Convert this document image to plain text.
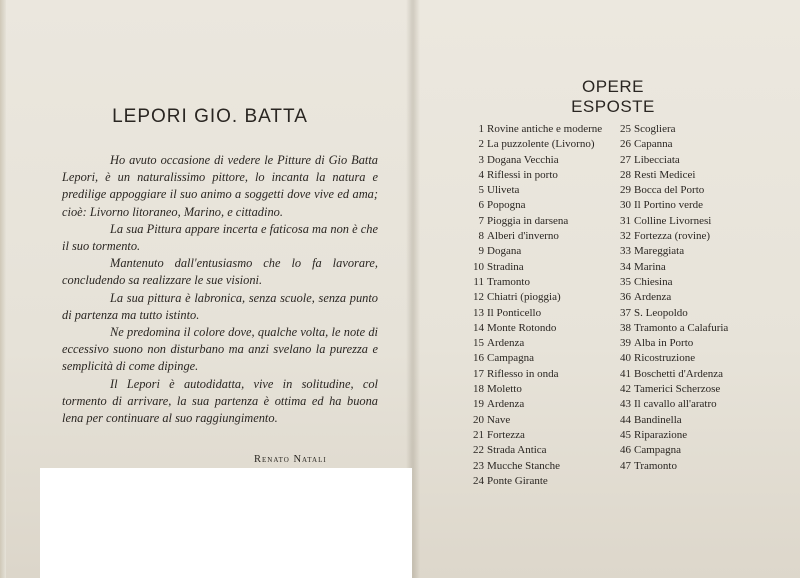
LEPORI GIO. BATTA

Ho avuto occasione di vedere le Pitture di Gio Batta Lepori, è un naturalissimo pittore, lo incanta la natura e predilige appoggiare il suo animo a soggetti dove vive ed ama; cioè: Livorno litoraneo, Marino, e cittadino.

La sua Pittura appare incerta e faticosa ma non è che il suo tormento.

Mantenuto dall'entusiasmo che lo fa lavorare, concludendo sa realizzare le sue visioni.

La sua pittura è labronica, senza scuole, senza punto di partenza ma tutto istinto.

Ne predomina il colore dove, qualche volta, le note di eccessivo suono non disturbano ma anzi svelano la purezza e semplicità di come dipinge.

Il Lepori è autodidatta, vive in solitudine, col tormento di arrivare, la sua partenza è ottima ed ha buona lena per continuare al suo raggiungimento.

Renato Natali
OPERE ESPOSTE
1 Rovine antiche e moderne
2 La puzzolente (Livorno)
3 Dogana Vecchia
4 Riflessi in porto
5 Uliveta
6 Popogna
7 Pioggia in darsena
8 Alberi d'inverno
9 Dogana
10 Stradina
11 Tramonto
12 Chiatri (pioggia)
13 Il Ponticello
14 Monte Rotondo
15 Ardenza
16 Campagna
17 Riflesso in onda
18 Moletto
19 Ardenza
20 Nave
21 Fortezza
22 Strada Antica
23 Mucche Stanche
24 Ponte Girante
25 Scogliera
26 Capanna
27 Libecciata
28 Resti Medicei
29 Bocca del Porto
30 Il Portino verde
31 Colline Livornesi
32 Fortezza (rovine)
33 Mareggiata
34 Marina
35 Chiesina
36 Ardenza
37 S. Leopoldo
38 Tramonto a Calafuria
39 Alba in Porto
40 Ricostruzione
41 Boschetti d'Ardenza
42 Tamerici Scherzose
43 Il cavallo all'aratro
44 Bandinella
45 Riparazione
46 Campagna
47 Tramonto
